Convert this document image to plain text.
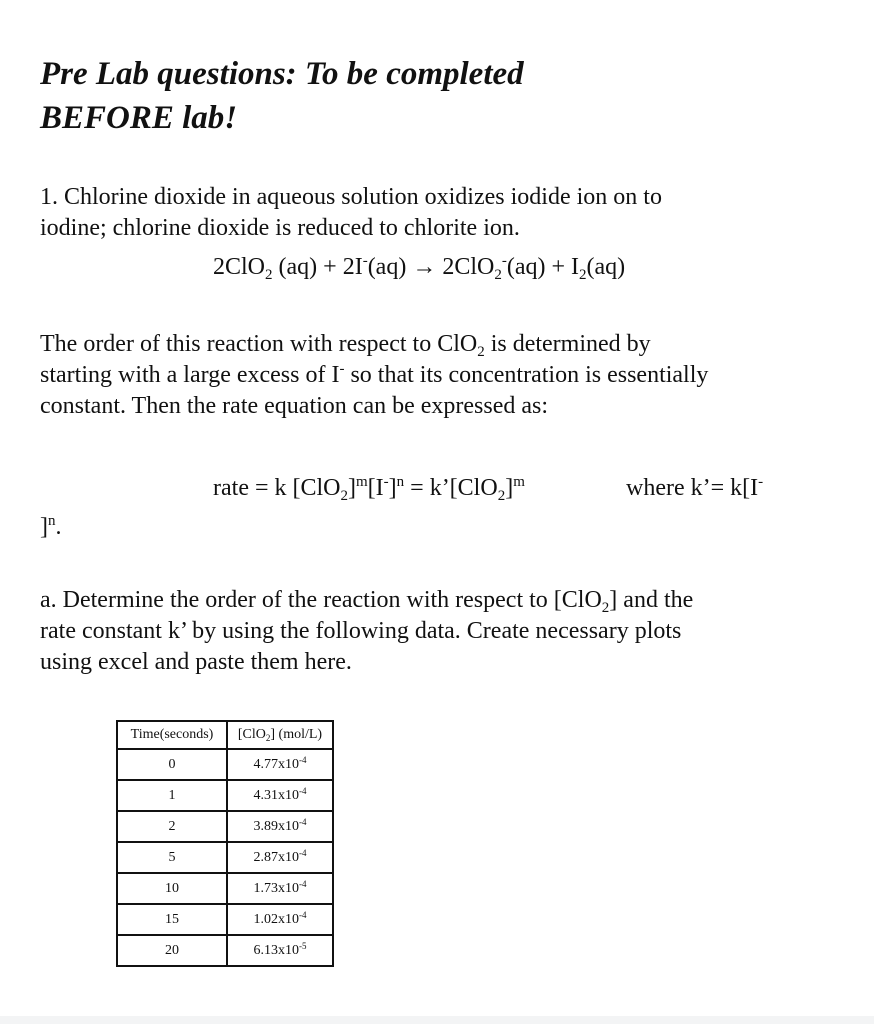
Pre Lab questions: To be completed
BEFORE lab!

1. Chlorine dioxide in aqueous solution oxidizes iodide ion on to
iodine; chlorine dioxide is reduced to chlorite ion.

2ClO$_2$ $(aq) + 2I^-(aq) \to 2ClO_2^-(aq) + I_2(aq)$

The order of this reaction with respect to ClO$_2$ is determined by
starting with a large excess of I- so that its concentration is essentially
constant. Then the rate equation can be expressed as:

rate = k $[ClO_2]^m[I^-]^n$ = $k’[ClO_2]^m$	where k’= k[I-

]$^n$.

a. Determine the order of the reaction with respect to [ClO$_2$] and the
rate constant k’ by using the following data. Create necessary plots
using excel and paste them here.

Time(seconds)	[ClO$_2$] (mol/L)
0	$4.77x10^{-4}$
1	$4.31x10^{-4}$
2	$3.89x10^{-4}$
5	$2.87x10^{-4}$
10	$1.73x10^{-4}$
15	$1.02x10^{-4}$
20	$6.13x10^{-5}$
